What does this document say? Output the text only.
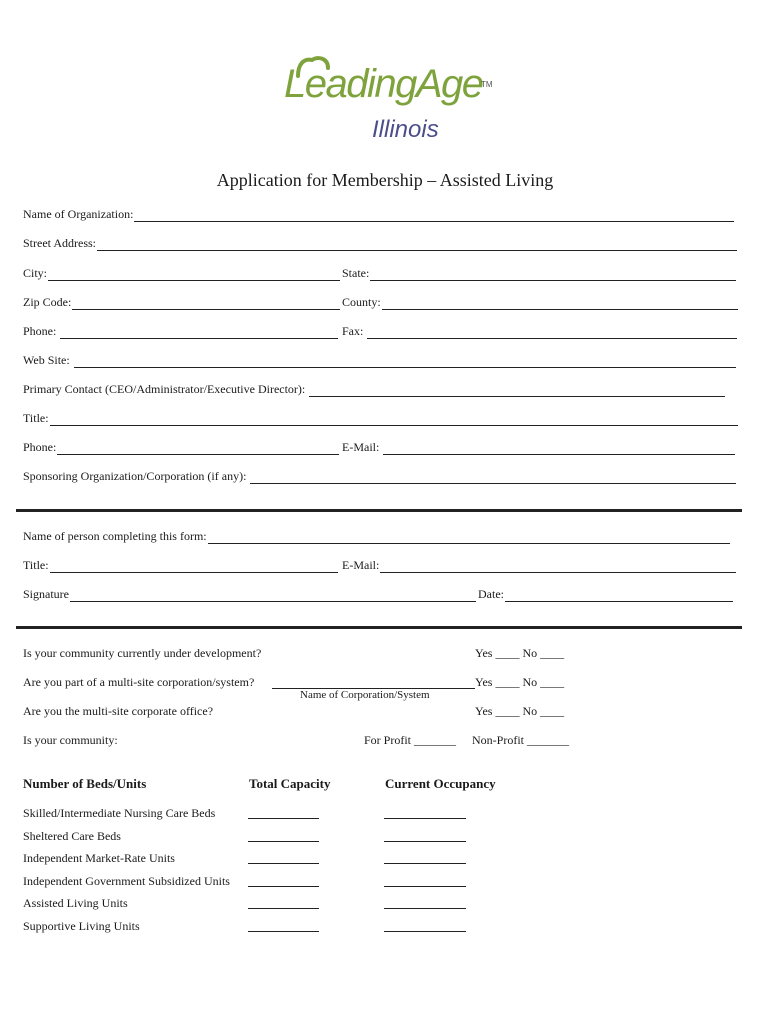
LeadingAge
TM
Illinois
Application for Membership – Assisted Living
Name of Organization:
Street Address:
City:	State:
Zip Code:	County:
Phone:	Fax:
Web Site:
Primary Contact (CEO/Administrator/Executive Director):
Title:
Phone:	E-Mail:
Sponsoring Organization/Corporation (if any):
Name of person completing this form:
Title:	E-Mail:
Signature	Date:
Is your community currently under development?	Yes ____ No ____
Are you part of a multi-site corporation/system?	Yes ____ No ____
Name of Corporation/System
Are you the multi-site corporate office?	Yes ____ No ____
Is your community:	For Profit _______ Non-Profit _______
Number of Beds/Units	Total Capacity	Current Occupancy
Skilled/Intermediate Nursing Care Beds
Sheltered Care Beds
Independent Market-Rate Units
Independent Government Subsidized Units
Assisted Living Units
Supportive Living Units
